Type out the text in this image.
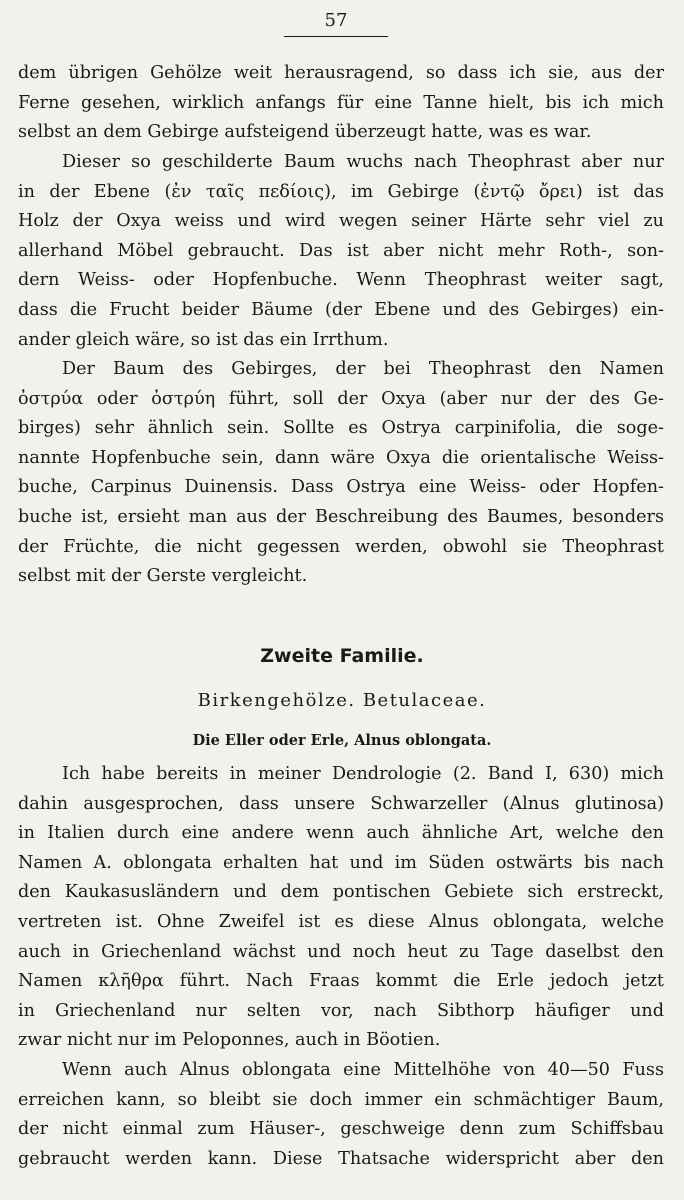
57
dem übrigen Gehölze weit herausragend, so dass ich sie, aus der
Ferne gesehen, wirklich anfangs für eine Tanne hielt, bis ich mich
selbst an dem Gebirge aufsteigend überzeugt hatte, was es war.
Dieser so geschilderte Baum wuchs nach Theophrast aber nur
in der Ebene (ἐν ταῖς πεδίοις), im Gebirge (ἐντῷ ὄρει) ist das
Holz der Oxya weiss und wird wegen seiner Härte sehr viel zu
allerhand Möbel gebraucht. Das ist aber nicht mehr Roth-, son-
dern Weiss- oder Hopfenbuche. Wenn Theophrast weiter sagt,
dass die Frucht beider Bäume (der Ebene und des Gebirges) ein-
ander gleich wäre, so ist das ein Irrthum.
Der Baum des Gebirges, der bei Theophrast den Namen
ὀστρύα oder ὀστρύη führt, soll der Oxya (aber nur der des Ge-
birges) sehr ähnlich sein. Sollte es Ostrya carpinifolia, die soge-
nannte Hopfenbuche sein, dann wäre Oxya die orientalische Weiss-
buche, Carpinus Duinensis. Dass Ostrya eine Weiss- oder Hopfen-
buche ist, ersieht man aus der Beschreibung des Baumes, besonders
der Früchte, die nicht gegessen werden, obwohl sie Theophrast
selbst mit der Gerste vergleicht.
Zweite Familie.
Birkengehölze. Betulaceae.
Die Eller oder Erle, Alnus oblongata.
Ich habe bereits in meiner Dendrologie (2. Band I, 630) mich
dahin ausgesprochen, dass unsere Schwarzeller (Alnus glutinosa)
in Italien durch eine andere wenn auch ähnliche Art, welche den
Namen A. oblongata erhalten hat und im Süden ostwärts bis nach
den Kaukasusländern und dem pontischen Gebiete sich erstreckt,
vertreten ist. Ohne Zweifel ist es diese Alnus oblongata, welche
auch in Griechenland wächst und noch heut zu Tage daselbst den
Namen κλῆθρα führt. Nach Fraas kommt die Erle jedoch jetzt
in Griechenland nur selten vor, nach Sibthorp häufiger und
zwar nicht nur im Peloponnes, auch in Böotien.
Wenn auch Alnus oblongata eine Mittelhöhe von 40—50 Fuss
erreichen kann, so bleibt sie doch immer ein schmächtiger Baum,
der nicht einmal zum Häuser-, geschweige denn zum Schiffsbau
gebraucht werden kann. Diese Thatsache widerspricht aber den
